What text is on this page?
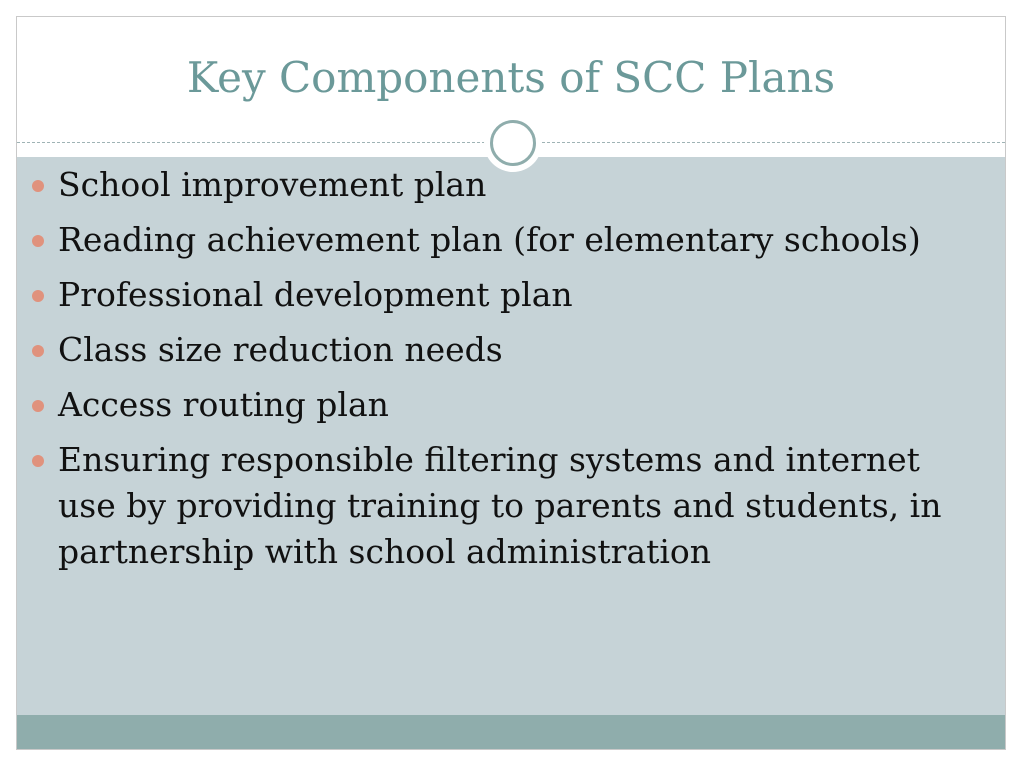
Key Components of SCC Plans
School improvement plan
Reading achievement plan (for elementary schools)
Professional development plan
Class size reduction needs
Access routing plan
Ensuring responsible filtering systems and internet use by providing training to parents and students, in partnership with school administration
